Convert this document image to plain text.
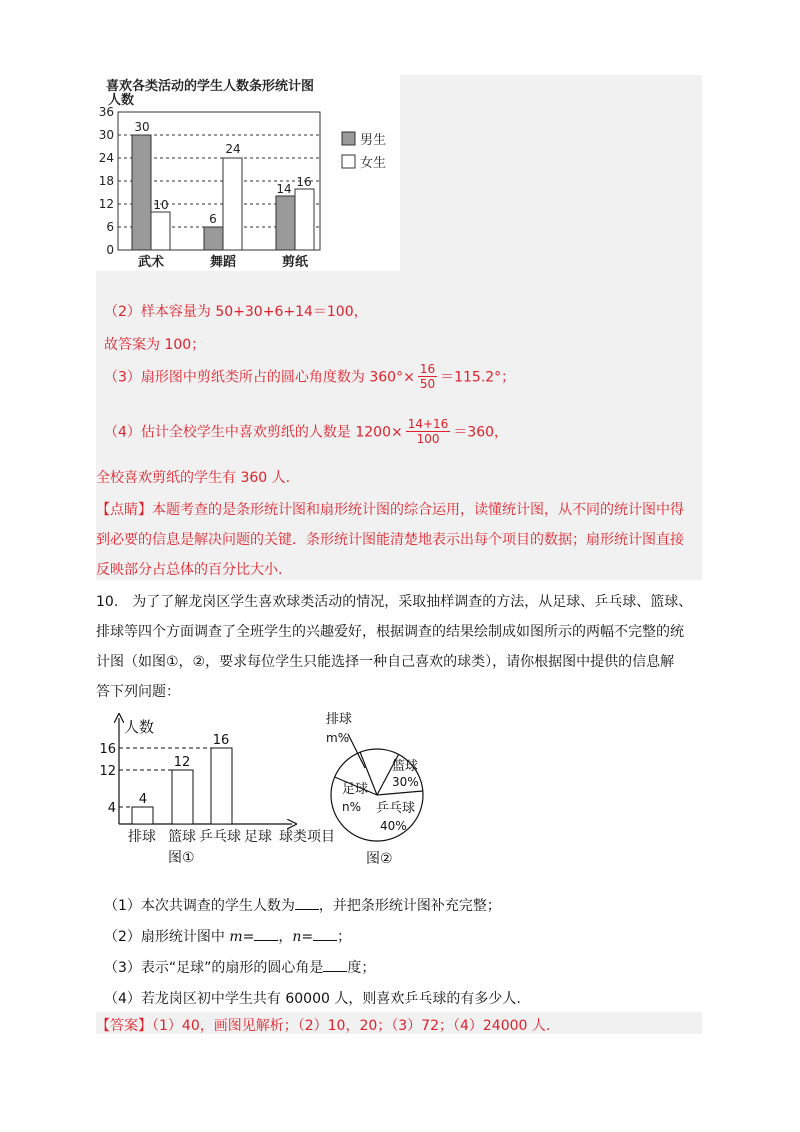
喜欢各类活动的学生人数条形统计图
人数
36
30
24
18
12
6
0
30
10
6
24
14 16
武术	舞蹈	剪纸
男生
女生
（2）样本容量为 50+30+6+14＝100，
故答案为 100；
（3）扇形图中剪纸类所占的圆心角度数为 $360^\circ\times \frac{16}{50} =115.2^\circ$；
（4）估计全校学生中喜欢剪纸的人数是 $1200\times \frac{14+16}{100} =360$，
全校喜欢剪纸的学生有 360 人.
【点睛】本题考查的是条形统计图和扇形统计图的综合运用，读懂统计图，从不同的统计图中得
到必要的信息是解决问题的关键．条形统计图能清楚地表示出每个项目的数据；扇形统计图直接
反映部分占总体的百分比大小.
10.　为了了解龙岗区学生喜欢球类活动的情况，采取抽样调查的方法，从足球、乒乓球、篮球、
排球等四个方面调查了全班学生的兴趣爱好，根据调查的结果绘制成如图所示的两幅不完整的统
计图（如图①，②，要求每位学生只能选择一种自己喜欢的球类），请你根据图中提供的信息解
答下列问题：
人数
16
12
4
4
12
16
排球 篮球 乒乓球 足球 球类项目
图①
排球
m%
篮球
30%
足球
n% 乒乓球
40%
图②
（1）本次共调查的学生人数为 ，并把条形统计图补充完整；
（2）扇形统计图中 m= ，n= ；
（3）表示“足球”的扇形的圆心角是 度；
（4）若龙岗区初中学生共有 60000 人，则喜欢乒乓球的有多少人.
【答案】（1）40，画图见解析；（2）10，20；（3）72；（4）24000 人.
